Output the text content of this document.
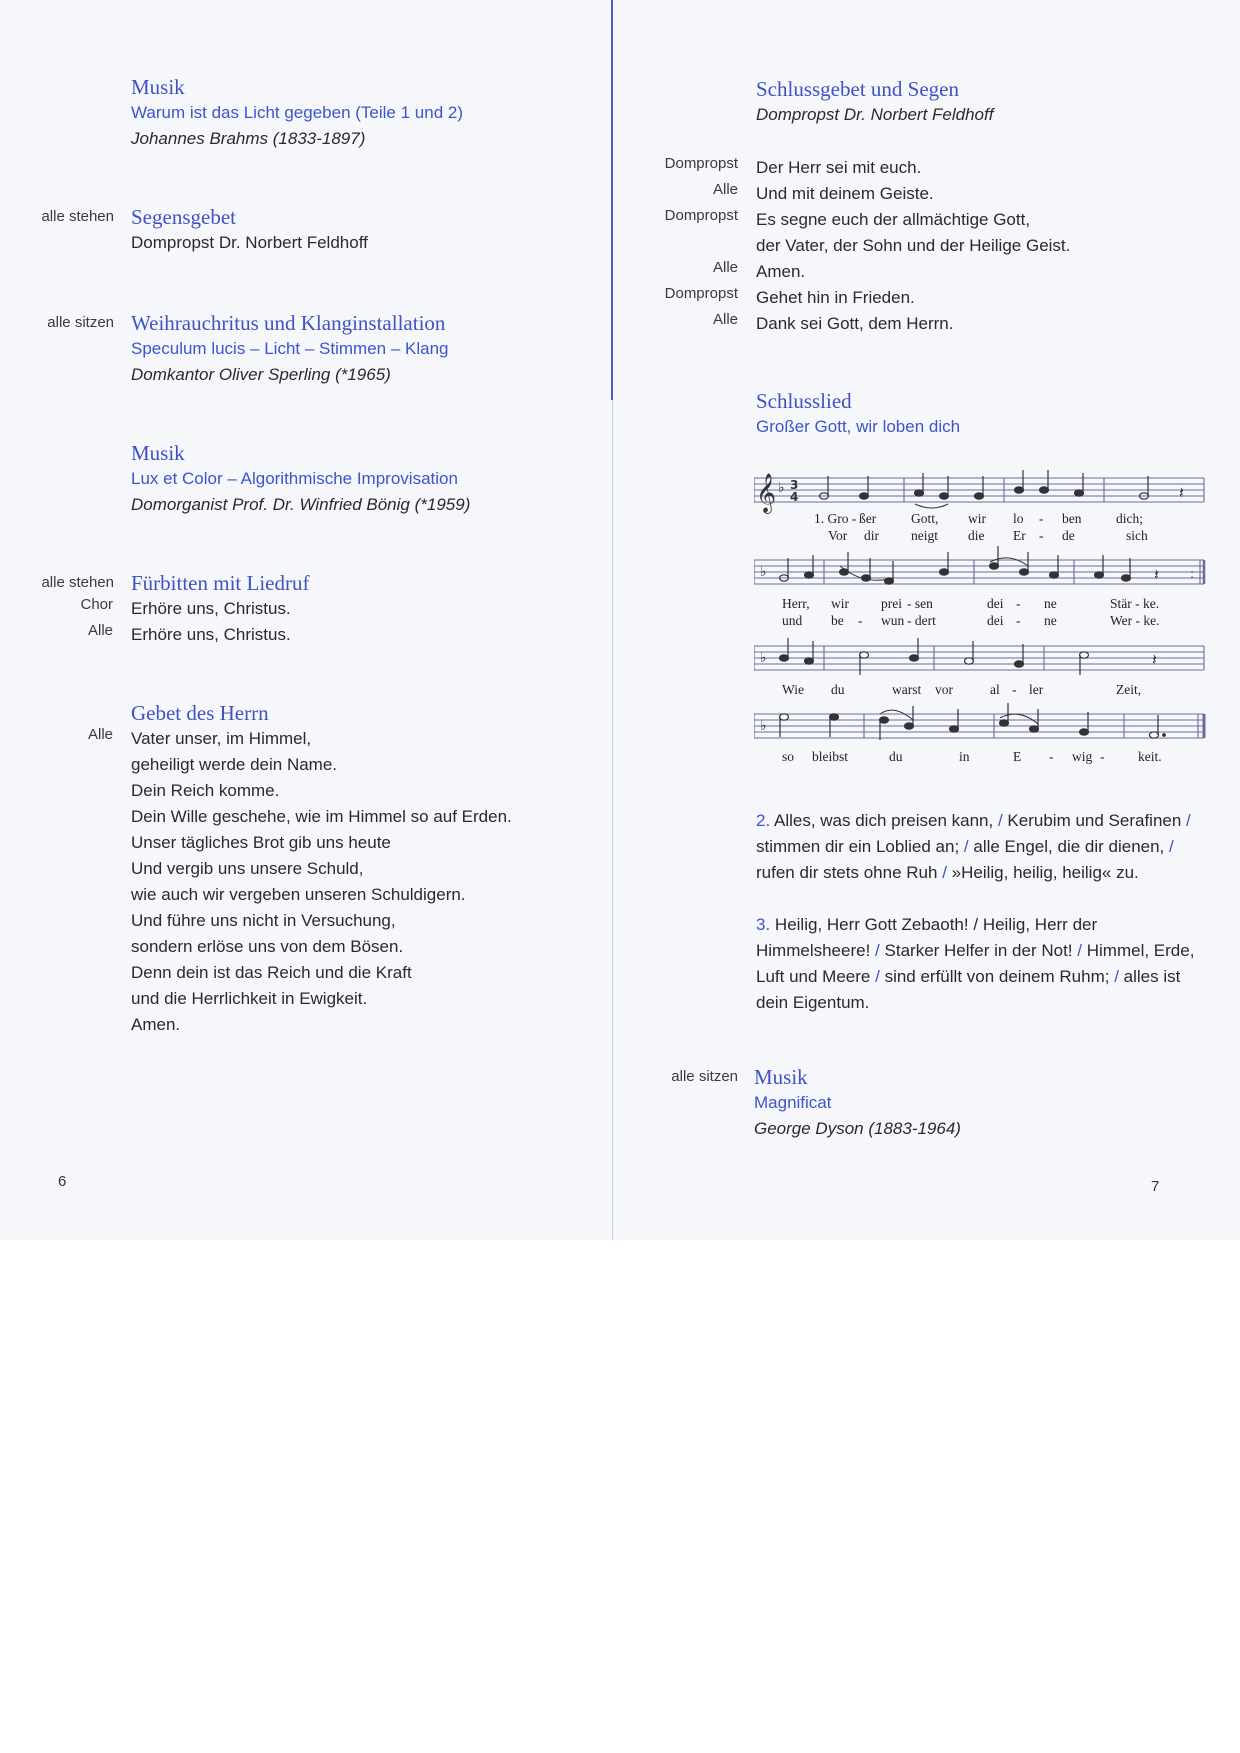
Musik
Warum ist das Licht gegeben (Teile 1 und 2)
Johannes Brahms (1833-1897)
alle stehen Segensgebet
Dompropst Dr. Norbert Feldhoff
alle sitzen Weihrauchritus und Klanginstallation
Speculum lucis – Licht – Stimmen – Klang
Domkantor Oliver Sperling (*1965)
Musik
Lux et Color – Algorithmische Improvisation
Domorganist Prof. Dr. Winfried Bönig (*1959)
alle stehen Fürbitten mit Liedruf
Chor Erhöre uns, Christus.
Alle Erhöre uns, Christus.
Gebet des Herrn
Alle Vater unser, im Himmel,
geheiligt werde dein Name.
Dein Reich komme.
Dein Wille geschehe, wie im Himmel so auf Erden.
Unser tägliches Brot gib uns heute
Und vergib uns unsere Schuld,
wie auch wir vergeben unseren Schuldigern.
Und führe uns nicht in Versuchung,
sondern erlöse uns von dem Bösen.
Denn dein ist das Reich und die Kraft
und die Herrlichkeit in Ewigkeit.
Amen.
6
Schlussgebet und Segen
Dompropst Dr. Norbert Feldhoff
Dompropst Der Herr sei mit euch.
Alle Und mit deinem Geiste.
Dompropst Es segne euch der allmächtige Gott,
der Vater, der Sohn und der Heilige Geist.
Alle Amen.
Dompropst Gehet hin in Frieden.
Alle Dank sei Gott, dem Herrn.
Schlusslied
Großer Gott, wir loben dich
𝄞 ♭ 3
4	𝄽
1. Gro - ßer	Gott, wir lo - ben	dich;
Vor dir neigt die Er - de	sich
♭	𝄽	:
Herr, wir prei - sen	dei - ne	Stär - ke.
und be - wun - dert	dei - ne	Wer - ke.
♭	𝄽
Wie du	warst vor	al - ler	Zeit,
♭
so bleibst	du	in	E - wig - keit.
2. Alles, was dich preisen kann, / Kerubim und Serafinen / stimmen dir ein Loblied an; / alle Engel, die dir dienen, / rufen dir stets ohne Ruh / »Heilig, heilig, heilig« zu.
3. Heilig, Herr Gott Zebaoth! / Heilig, Herr der Himmelsheere! / Starker Helfer in der Not! / Himmel, Erde, Luft und Meere / sind erfüllt von deinem Ruhm; / alles ist dein Eigentum.
alle sitzen Musik
Magnificat
George Dyson (1883-1964)
7
